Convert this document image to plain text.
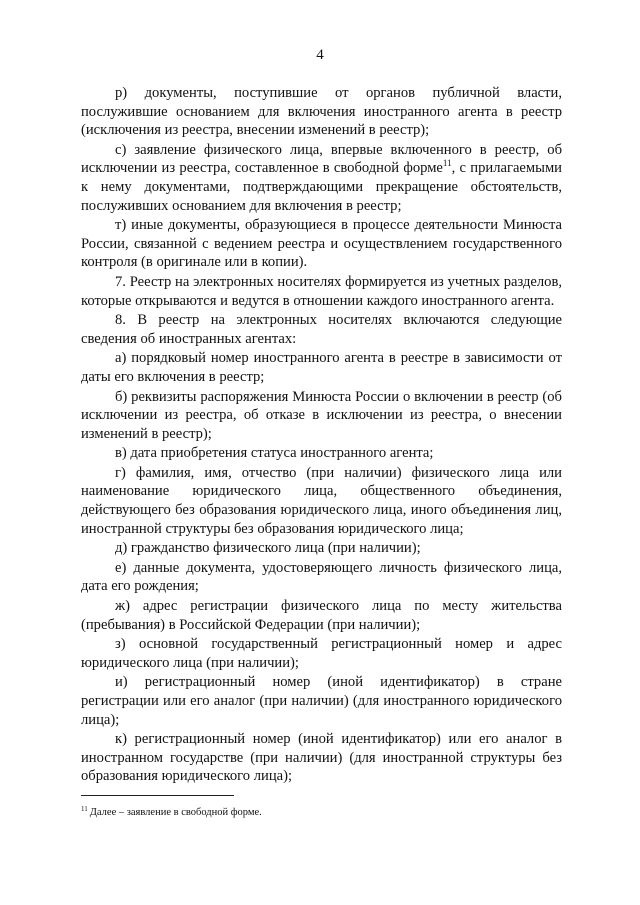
4

р) документы, поступившие от органов публичной власти, послужившие основанием для включения иностранного агента в реестр (исключения из реестра, внесении изменений в реестр);

с) заявление физического лица, впервые включенного в реестр, об исключении из реестра, составленное в свободной форме$^{11}$, с прилагаемыми к нему документами, подтверждающими прекращение обстоятельств, послуживших основанием для включения в реестр;

т) иные документы, образующиеся в процессе деятельности Минюста России, связанной с ведением реестра и осуществлением государственного контроля (в оригинале или в копии).

7. Реестр на электронных носителях формируется из учетных разделов, которые открываются и ведутся в отношении каждого иностранного агента.

8. В реестр на электронных носителях включаются следующие сведения об иностранных агентах:

а) порядковый номер иностранного агента в реестре в зависимости от даты его включения в реестр;

б) реквизиты распоряжения Минюста России о включении в реестр (об исключении из реестра, об отказе в исключении из реестра, о внесении изменений в реестр);

в) дата приобретения статуса иностранного агента;

г) фамилия, имя, отчество (при наличии) физического лица или наименование юридического лица, общественного объединения, действующего без образования юридического лица, иного объединения лиц, иностранной структуры без образования юридического лица;

д) гражданство физического лица (при наличии);

е) данные документа, удостоверяющего личность физического лица, дата его рождения;

ж) адрес регистрации физического лица по месту жительства (пребывания) в Российской Федерации (при наличии);

з) основной государственный регистрационный номер и адрес юридического лица (при наличии);

и) регистрационный номер (иной идентификатор) в стране регистрации или его аналог (при наличии) (для иностранного юридического лица);

к) регистрационный номер (иной идентификатор) или его аналог в иностранном государстве (при наличии) (для иностранной структуры без образования юридического лица);

$^{11}$ Далее – заявление в свободной форме.
